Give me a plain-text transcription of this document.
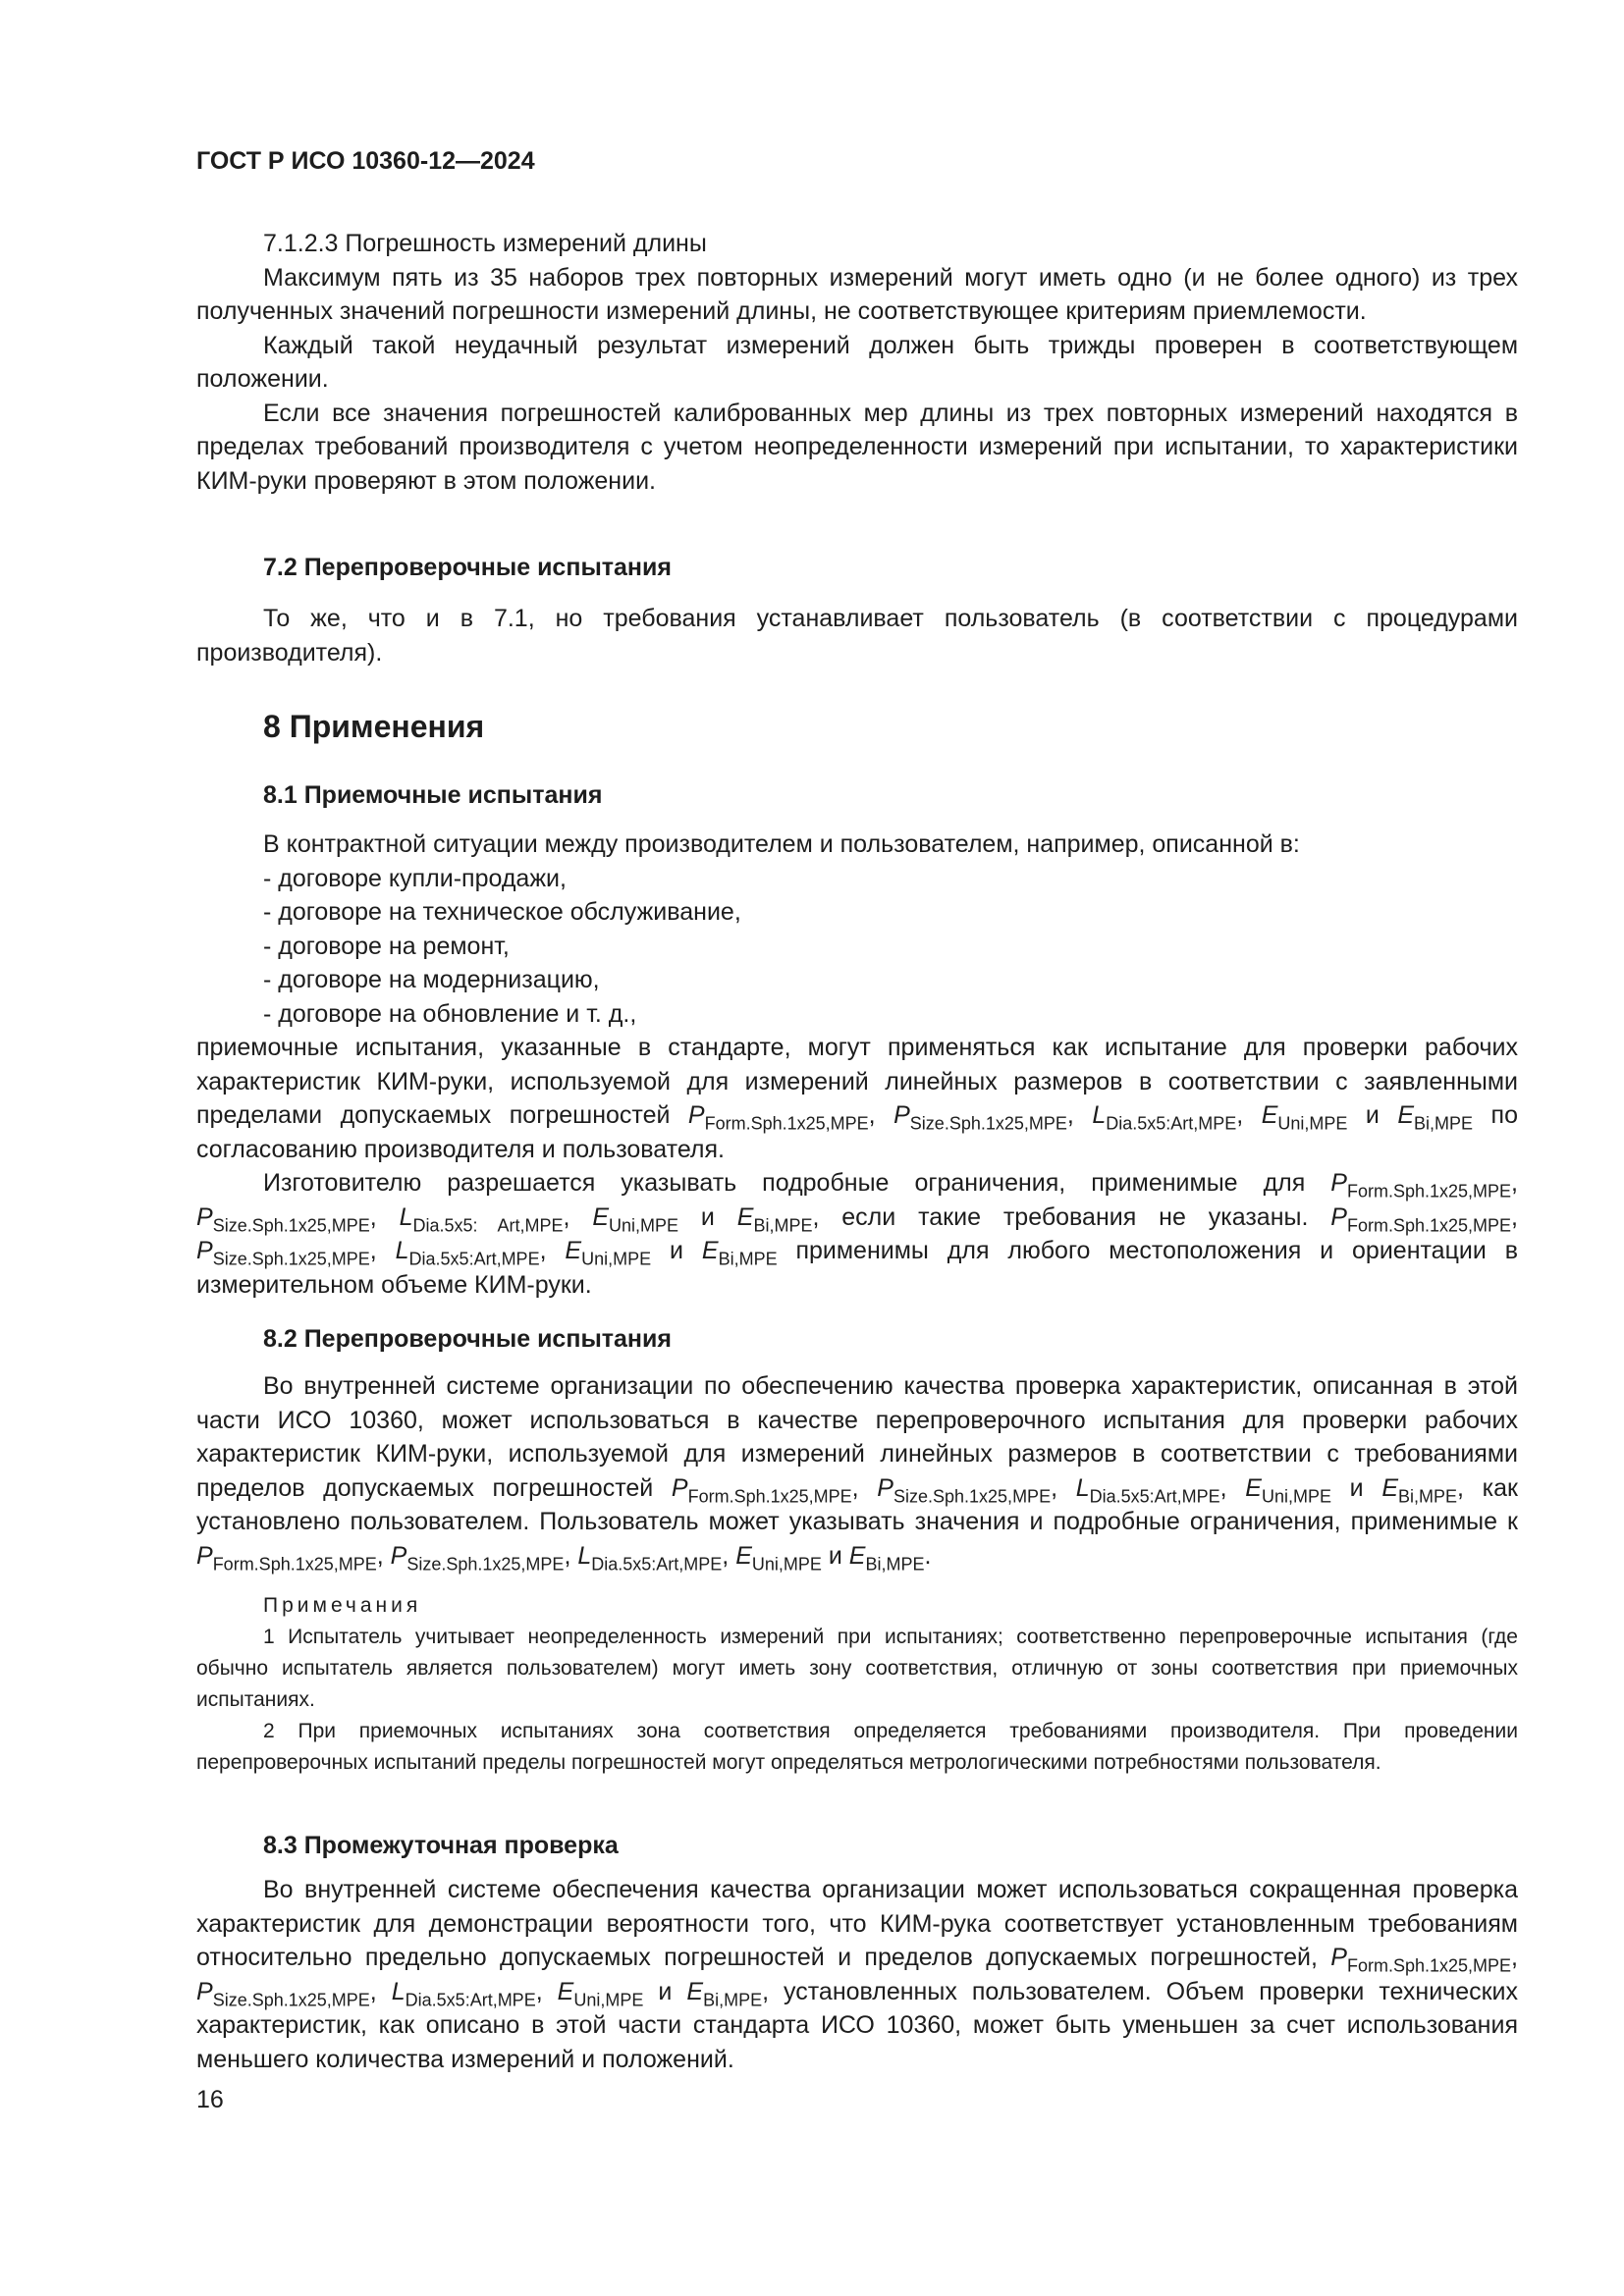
ГОСТ Р ИСО 10360-12—2024
7.1.2.3 Погрешность измерений длины

Максимум пять из 35 наборов трех повторных измерений могут иметь одно (и не более одного) из трех полученных значений погрешности измерений длины, не соответствующее критериям приемлемости.

Каждый такой неудачный результат измерений должен быть трижды проверен в соответствующем положении.

Если все значения погрешностей калиброванных мер длины из трех повторных измерений находятся в пределах требований производителя с учетом неопределенности измерений при испытании, то характеристики КИМ-руки проверяют в этом положении.

7.2 Перепроверочные испытания

То же, что и в 7.1, но требования устанавливает пользователь (в соответствии с процедурами производителя).

8 Применения
8.1 Приемочные испытания

В контрактной ситуации между производителем и пользователем, например, описанной в:

- договоре купли-продажи,
- договоре на техническое обслуживание,
- договоре на ремонт,
- договоре на модернизацию,
- договоре на обновление и т. д.,

приемочные испытания, указанные в стандарте, могут применяться как испытание для проверки рабочих характеристик КИМ-руки, используемой для измерений линейных размеров в соответствии с заявленными пределами допускаемых погрешностей $P_{Form.Sph.1x25,MPE}$, $P_{Size.Sph.1x25,MPE}$, $L_{Dia.5x5:Art,MPE}$, $E_{Uni,MPE}$ и $E_{Bi,MPE}$ по согласованию производителя и пользователя.

Изготовителю разрешается указывать подробные ограничения, применимые для $P_{Form.Sph.1x25,MPE}$, $P_{Size.Sph.1x25,MPE}$, $L_{Dia.5x5: Art,MPE}$, $E_{Uni,MPE}$ и $E_{Bi,MPE}$, если такие требования не указаны. $P_{Form.Sph.1x25,MPE}$, $P_{Size.Sph.1x25,MPE}$, $L_{Dia.5x5:Art,MPE}$, $E_{Uni,MPE}$ и $E_{Bi,MPE}$ применимы для любого местоположения и ориентации в измерительном объеме КИМ-руки.

8.2 Перепроверочные испытания

Во внутренней системе организации по обеспечению качества проверка характеристик, описанная в этой части ИСО 10360, может использоваться в качестве перепроверочного испытания для проверки рабочих характеристик КИМ-руки, используемой для измерений линейных размеров в соответствии с требованиями пределов допускаемых погрешностей $P_{Form.Sph.1x25,MPE}$, $P_{Size.Sph.1x25,MPE}$, $L_{Dia.5x5:Art,MPE}$, $E_{Uni,MPE}$ и $E_{Bi,MPE}$, как установлено пользователем. Пользователь может указывать значения и подробные ограничения, применимые к $P_{Form.Sph.1x25,MPE}$, $P_{Size.Sph.1x25,MPE}$, $L_{Dia.5x5:Art,MPE}$, $E_{Uni,MPE}$ и $E_{Bi,MPE}$.

Примечания

1 Испытатель учитывает неопределенность измерений при испытаниях; соответственно перепроверочные испытания (где обычно испытатель является пользователем) могут иметь зону соответствия, отличную от зоны соответствия при приемочных испытаниях.

2 При приемочных испытаниях зона соответствия определяется требованиями производителя. При проведении перепроверочных испытаний пределы погрешностей могут определяться метрологическими потребностями пользователя.

8.3 Промежуточная проверка

Во внутренней системе обеспечения качества организации может использоваться сокращенная проверка характеристик для демонстрации вероятности того, что КИМ-рука соответствует установленным требованиям относительно предельно допускаемых погрешностей и пределов допускаемых погрешностей, $P_{Form.Sph.1x25,MPE}$, $P_{Size.Sph.1x25,MPE}$, $L_{Dia.5x5:Art,MPE}$, $E_{Uni,MPE}$ и $E_{Bi,MPE}$, установленных пользователем. Объем проверки технических характеристик, как описано в этой части стандарта ИСО 10360, может быть уменьшен за счет использования меньшего количества измерений и положений.

16
